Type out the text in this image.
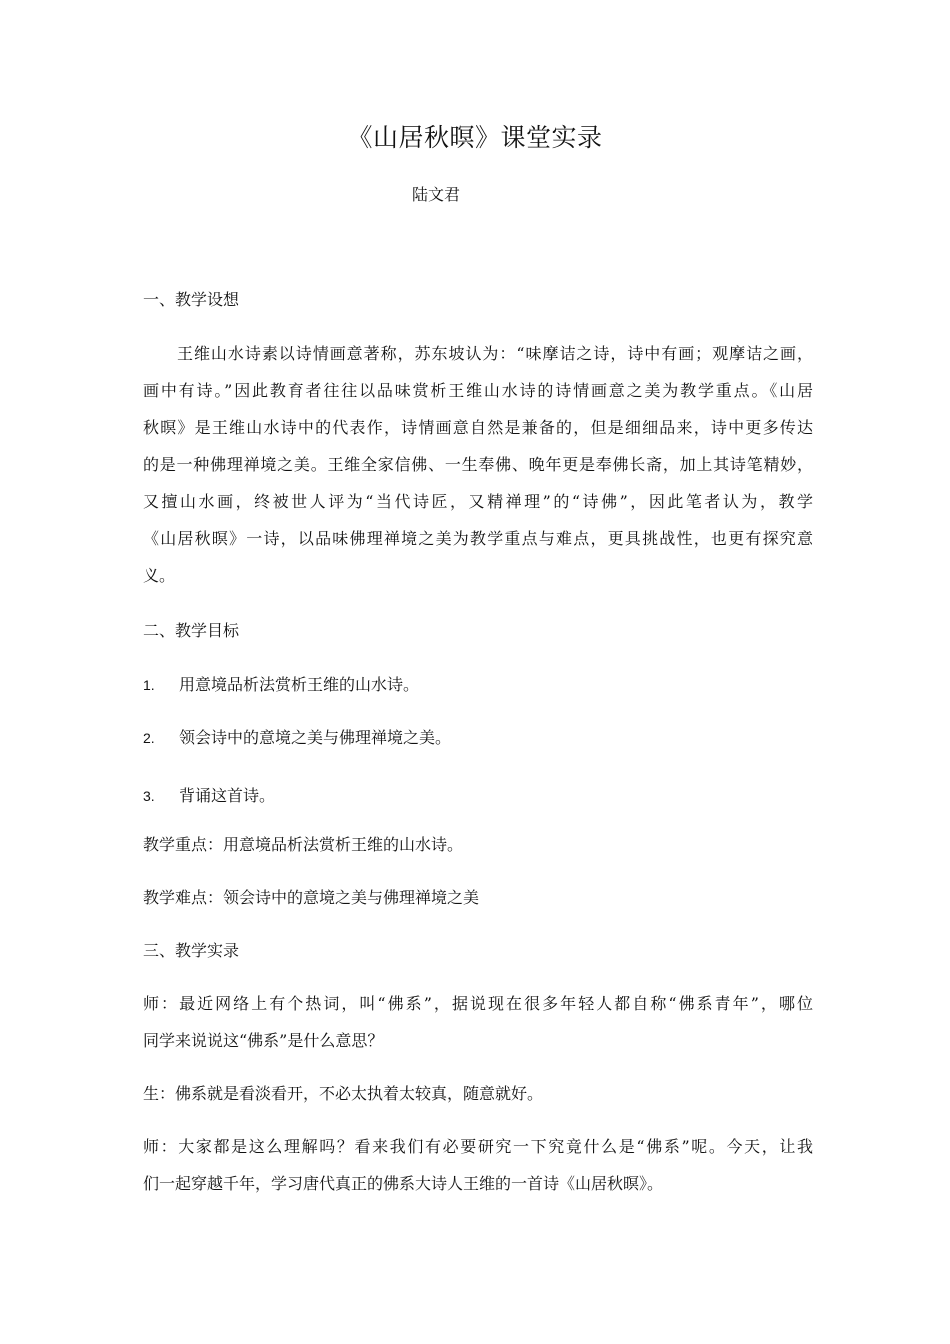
《山居秋暝》课堂实录
陆文君
一、教学设想
王维山水诗素以诗情画意著称，苏东坡认为：“味摩诘之诗，诗中有画；观摩诘之画，
画中有诗。”因此教育者往往以品味赏析王维山水诗的诗情画意之美为教学重点。《山居
秋暝》是王维山水诗中的代表作，诗情画意自然是兼备的，但是细细品来，诗中更多传达
的是一种佛理禅境之美。王维全家信佛、一生奉佛、晚年更是奉佛长斋，加上其诗笔精妙，
又擅山水画，终被世人评为“当代诗匠，又精禅理”的“诗佛”，因此笔者认为，教学
《山居秋暝》一诗，以品味佛理禅境之美为教学重点与难点，更具挑战性，也更有探究意
义。
二、教学目标
1. 用意境品析法赏析王维的山水诗。
2. 领会诗中的意境之美与佛理禅境之美。
3. 背诵这首诗。
教学重点：用意境品析法赏析王维的山水诗。
教学难点：领会诗中的意境之美与佛理禅境之美
三、教学实录
师：最近网络上有个热词，叫“佛系”，据说现在很多年轻人都自称“佛系青年”，哪位
同学来说说这“佛系”是什么意思？
生：佛系就是看淡看开，不必太执着太较真，随意就好。
师：大家都是这么理解吗？看来我们有必要研究一下究竟什么是“佛系”呢。今天，让我
们一起穿越千年，学习唐代真正的佛系大诗人王维的一首诗《山居秋暝》。
